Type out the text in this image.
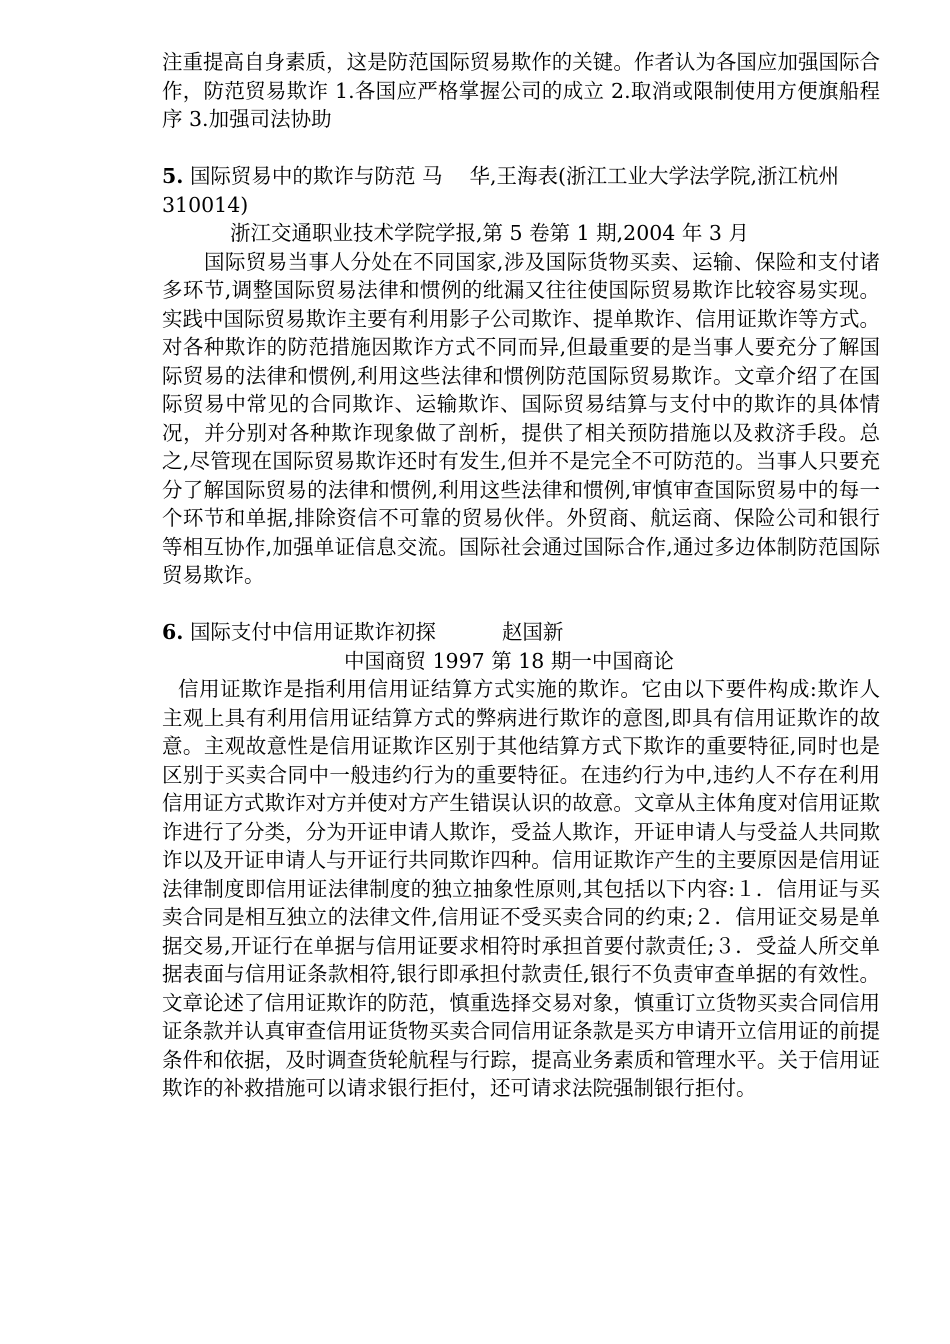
注重提高自身素质，这是防范国际贸易欺作的关键。作者认为各国应加强国际合作，防范贸易欺诈 1.各国应严格掌握公司的成立 2.取消或限制使用方便旗船程序 3.加强司法协助

5. 国际贸易中的欺诈与防范 马　 华,王海表(浙江工业大学法学院,浙江杭州　310014)

浙江交通职业技术学院学报,第 5 卷第 1 期,2004 年 3 月

国际贸易当事人分处在不同国家,涉及国际货物买卖、运输、保险和支付诸多环节,调整国际贸易法律和惯例的纰漏又往往使国际贸易欺诈比较容易实现。实践中国际贸易欺诈主要有利用影子公司欺诈、提单欺诈、信用证欺诈等方式。对各种欺诈的防范措施因欺诈方式不同而异,但最重要的是当事人要充分了解国际贸易的法律和惯例,利用这些法律和惯例防范国际贸易欺诈。文章介绍了在国际贸易中常见的合同欺诈、运输欺诈、国际贸易结算与支付中的欺诈的具体情况，并分别对各种欺诈现象做了剖析，提供了相关预防措施以及救济手段。总之,尽管现在国际贸易欺诈还时有发生,但并不是完全不可防范的。当事人只要充分了解国际贸易的法律和惯例,利用这些法律和惯例,审慎审查国际贸易中的每一个环节和单据,排除资信不可靠的贸易伙伴。外贸商、航运商、保险公司和银行等相互协作,加强单证信息交流。国际社会通过国际合作,通过多边体制防范国际贸易欺诈。

6. 国际支付中信用证欺诈初探	赵国新

中国商贸 1997 第 18 期一中国商论

信用证欺诈是指利用信用证结算方式实施的欺诈。它由以下要件构成:欺诈人主观上具有利用信用证结算方式的弊病进行欺诈的意图,即具有信用证欺诈的故意。主观故意性是信用证欺诈区别于其他结算方式下欺诈的重要特征,同时也是区别于买卖合同中一般违约行为的重要特征。在违约行为中,违约人不存在利用信用证方式欺诈对方并使对方产生错误认识的故意。文章从主体角度对信用证欺诈进行了分类，分为开证申请人欺诈，受益人欺诈，开证申请人与受益人共同欺诈以及开证申请人与开证行共同欺诈四种。信用证欺诈产生的主要原因是信用证法律制度即信用证法律制度的独立抽象性原则,其包括以下内容:１．信用证与买卖合同是相互独立的法律文件,信用证不受买卖合同的约束;２．信用证交易是单据交易,开证行在单据与信用证要求相符时承担首要付款责任;３．受益人所交单据表面与信用证条款相符,银行即承担付款责任,银行不负责审查单据的有效性。文章论述了信用证欺诈的防范，慎重选择交易对象，慎重订立货物买卖合同信用证条款并认真审查信用证货物买卖合同信用证条款是买方申请开立信用证的前提条件和依据，及时调查货轮航程与行踪，提高业务素质和管理水平。关于信用证欺诈的补救措施可以请求银行拒付，还可请求法院强制银行拒付。
